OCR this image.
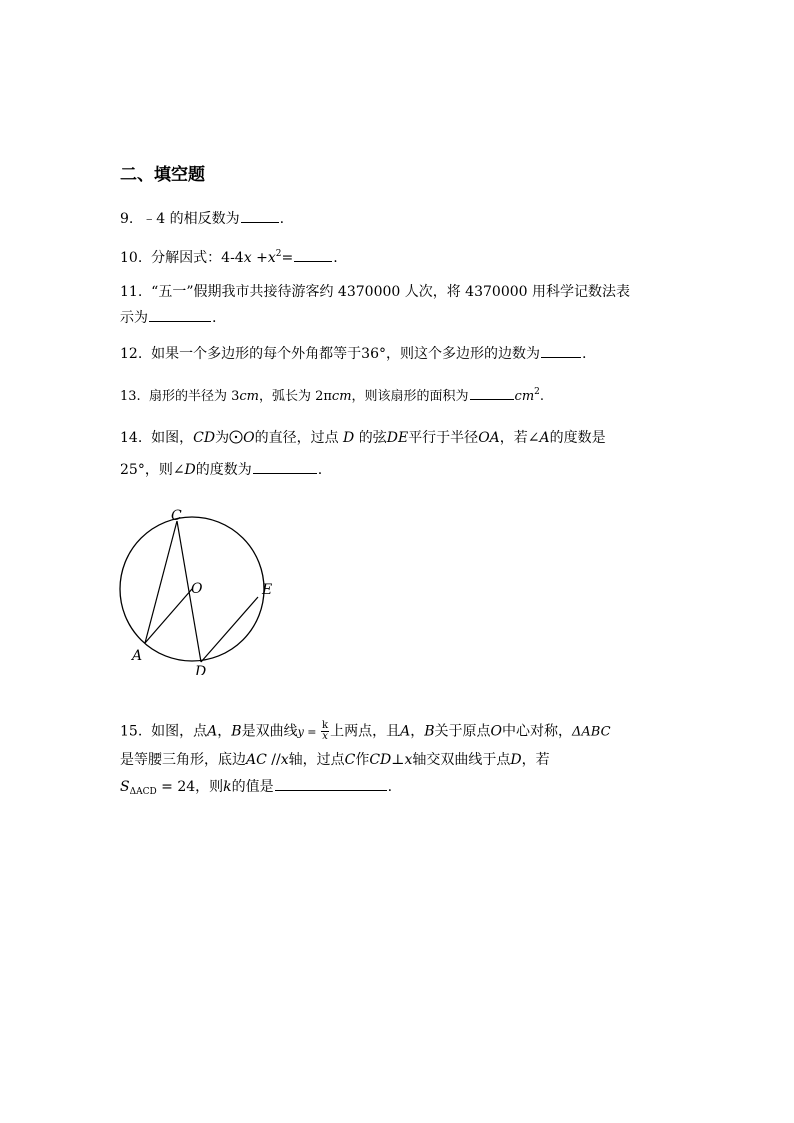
二、填空题
9. ﹣4 的相反数为	.
10. 分解因式：$4-4x +x^2=$	.
11. “五一”假期我市共接待游客约 4370000 人次，将 4370000 用科学记数法表
示为	.
12. 如果一个多边形的每个外角都等于36°，则这个多边形的边数为	.
13. 扇形的半径为 3cm，弧长为 2πcm，则该扇形的面积为	$cm^2$.
14. 如图，CD为 O的直径，过点 D 的弦DE平行于半径OA，若∠A的度数是
25°，则∠D的度数为	.
C
O	E
A
D
15. 如图，点A，B是双曲线$y = \frac{k}{x}$ 上两点，且A，B关于原点O中心对称，ΔABC
是等腰三角形，底边AC //x轴，过点C作CD⊥x轴交双曲线于点D，若
$S_{\Delta ACD} = 24$，则k的值是	.
